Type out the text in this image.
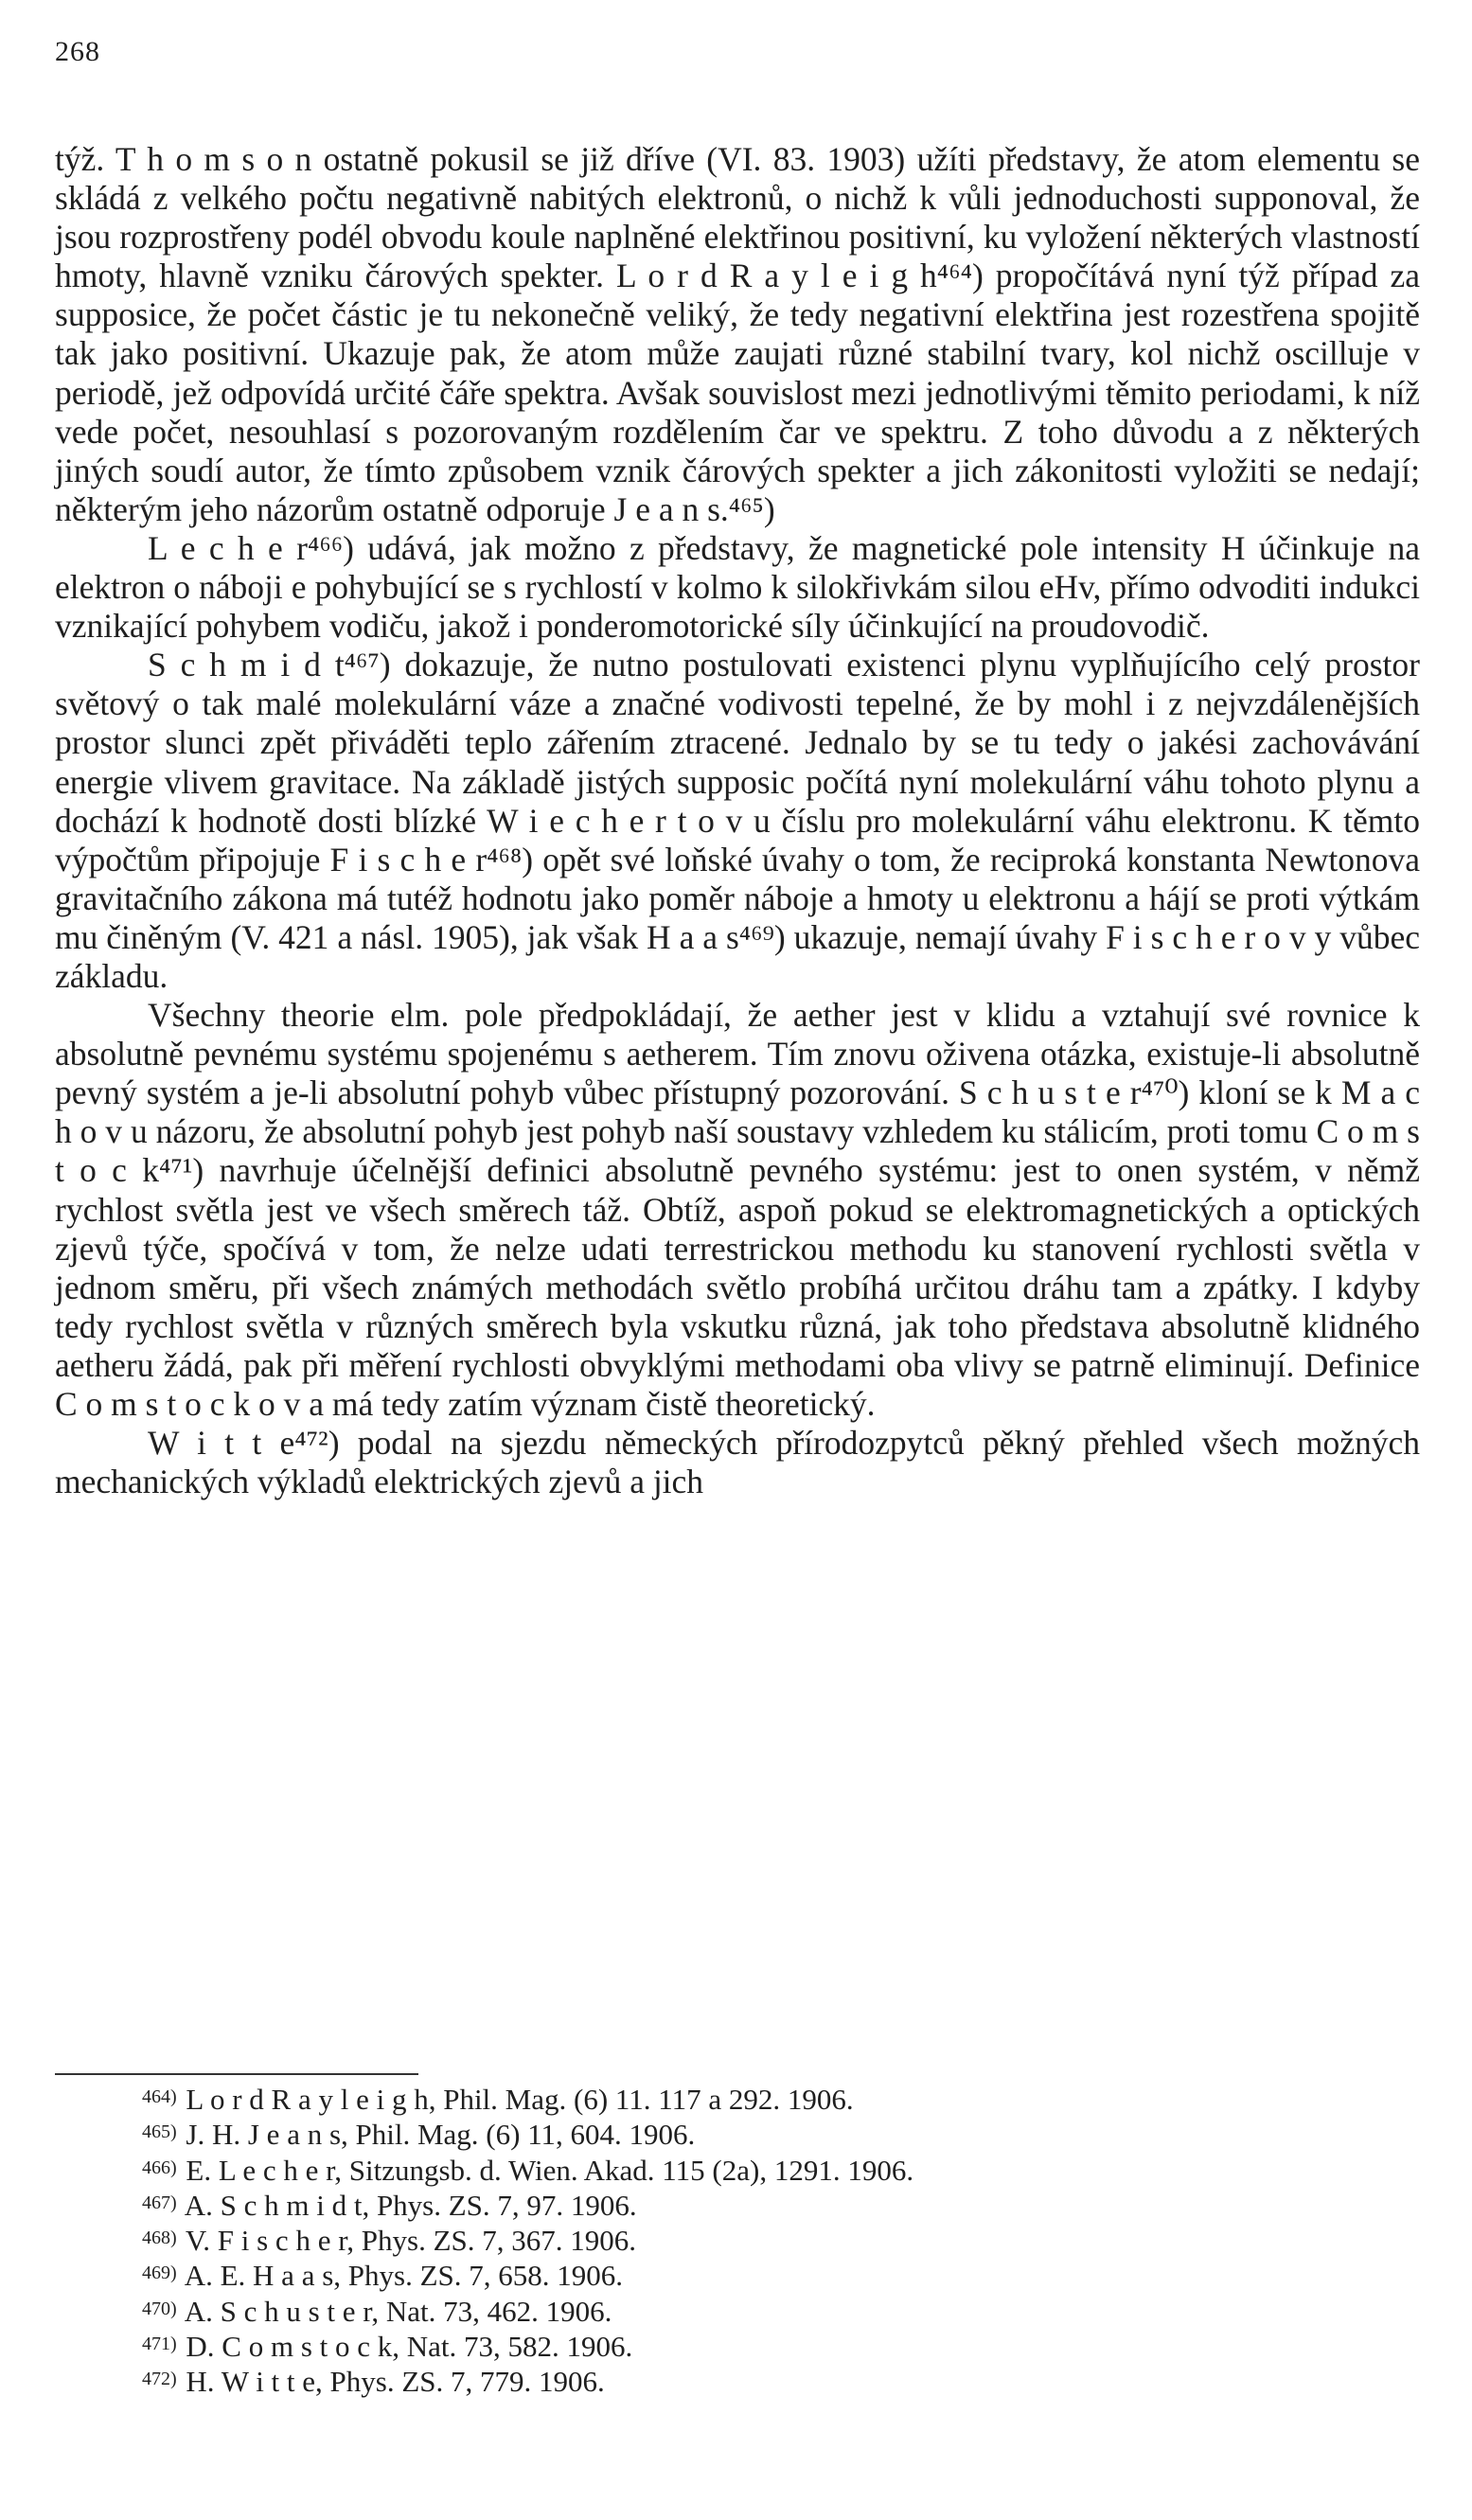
268

týž. T h o m s o n ostatně pokusil se již dříve (VI. 83. 1903) užíti představy, že atom elementu se skládá z velkého počtu negativně nabitých elektronů, o nichž k vůli jednoduchosti supponoval, že jsou rozprostřeny podél obvodu koule naplněné elektřinou positivní, ku vyložení některých vlastností hmoty, hlavně vzniku čárových spekter. L o r d R a y l e i g h⁴⁶⁴) propočítává nyní týž případ za supposice, že počet částic je tu nekonečně veliký, že tedy negativní elektřina jest rozestřena spojitě tak jako positivní. Ukazuje pak, že atom může zaujati různé stabilní tvary, kol nichž oscilluje v periodě, jež odpovídá určité čáře spektra. Avšak souvislost mezi jednotlivými těmito periodami, k níž vede počet, nesouhlasí s pozorovaným rozdělením čar ve spektru. Z toho důvodu a z některých jiných soudí autor, že tímto způsobem vznik čárových spekter a jich zákonitosti vyložiti se nedají; některým jeho názorům ostatně odporuje J e a n s.⁴⁶⁵)

L e c h e r⁴⁶⁶) udává, jak možno z představy, že magnetické pole intensity H účinkuje na elektron o náboji e pohybující se s rychlostí v kolmo k silokřivkám silou eHv, přímo odvoditi indukci vznikající pohybem vodiču, jakož i ponderomotorické síly účinkující na proudovodič.

S c h m i d t⁴⁶⁷) dokazuje, že nutno postulovati existenci plynu vyplňujícího celý prostor světový o tak malé molekulární váze a značné vodivosti tepelné, že by mohl i z nejvzdálenějších prostor slunci zpět přiváděti teplo zářením ztracené. Jednalo by se tu tedy o jakési zachovávání energie vlivem gravitace. Na základě jistých supposic počítá nyní molekulární váhu tohoto plynu a dochází k hodnotě dosti blízké W i e c h e r t o v u číslu pro molekulární váhu elektronu. K těmto výpočtům připojuje F i s c h e r⁴⁶⁸) opět své loňské úvahy o tom, že reciproká konstanta Newtonova gravitačního zákona má tutéž hodnotu jako poměr náboje a hmoty u elektronu a hájí se proti výtkám mu činěným (V. 421 a násl. 1905), jak však H a a s⁴⁶⁹) ukazuje, nemají úvahy F i s c h e r o v y vůbec základu.

Všechny theorie elm. pole předpokládají, že aether jest v klidu a vztahují své rovnice k absolutně pevnému systému spojenému s aetherem. Tím znovu oživena otázka, existuje-li absolutně pevný systém a je-li absolutní pohyb vůbec přístupný pozorování. S c h u s t e r⁴⁷⁰) kloní se k M a c h o v u názoru, že absolutní pohyb jest pohyb naší soustavy vzhledem ku stálicím, proti tomu C o m s t o c k⁴⁷¹) navrhuje účelnější definici absolutně pevného systému: jest to onen systém, v němž rychlost světla jest ve všech směrech táž. Obtíž, aspoň pokud se elektromagnetických a optických zjevů týče, spočívá v tom, že nelze udati terrestrickou methodu ku stanovení rychlosti světla v jednom směru, při všech známých methodách světlo probíhá určitou dráhu tam a zpátky. I kdyby tedy rychlost světla v různých směrech byla vskutku různá, jak toho představa absolutně klidného aetheru žádá, pak při měření rychlosti obvyklými methodami oba vlivy se patrně eliminují. Definice C o m s t o c k o v a má tedy zatím význam čistě theoretický.

W i t t e⁴⁷²) podal na sjezdu německých přírodozpytců pěkný přehled všech možných mechanických výkladů elektrických zjevů a jich

$^{464)}$ L o r d R a y l e i g h, Phil. Mag. (6) 11. 117 a 292. 1906.
$^{465)}$ J. H. J e a n s, Phil. Mag. (6) 11, 604. 1906.
$^{466)}$ E. L e c h e r, Sitzungsb. d. Wien. Akad. 115 (2a), 1291. 1906.
$^{467)}$ A. S c h m i d t, Phys. ZS. 7, 97. 1906.
$^{468)}$ V. F i s c h e r, Phys. ZS. 7, 367. 1906.
$^{469)}$ A. E. H a a s, Phys. ZS. 7, 658. 1906.
$^{470)}$ A. S c h u s t e r, Nat. 73, 462. 1906.
$^{471)}$ D. C o m s t o c k, Nat. 73, 582. 1906.
$^{472)}$ H. W i t t e, Phys. ZS. 7, 779. 1906.
